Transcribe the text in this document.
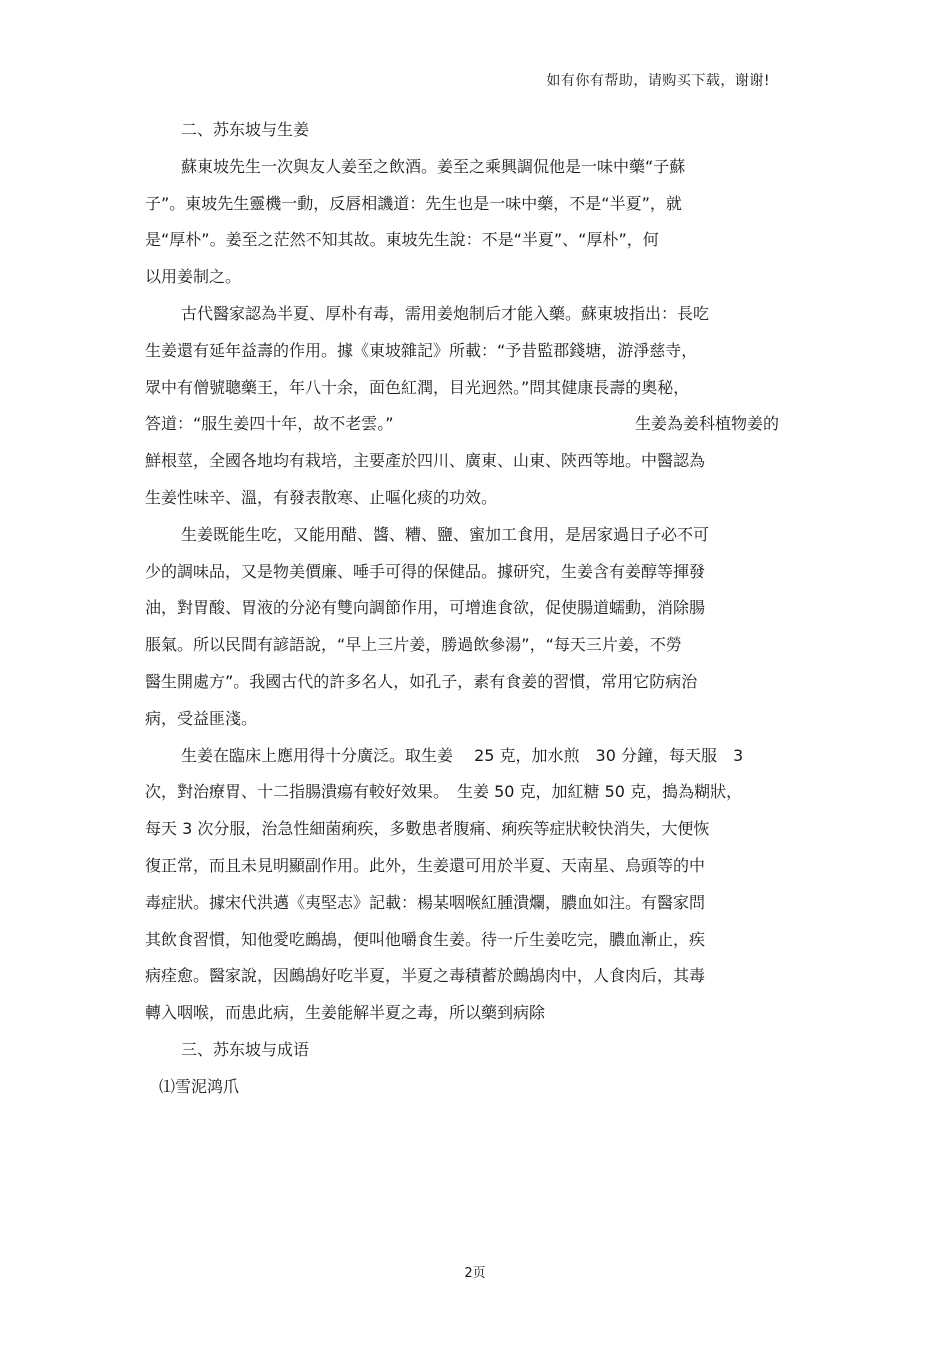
如有你有帮助，请购买下载，谢谢!
二、苏东坡与生姜
蘇東坡先生一次與友人姜至之飲酒。姜至之乘興調侃他是一味中藥“子蘇
子”。東坡先生靈機一動，反唇相譏道：先生也是一味中藥，不是“半夏”，就
是“厚朴”。姜至之茫然不知其故。東坡先生說：不是“半夏”、“厚朴”，何
以用姜制之。
古代醫家認為半夏、厚朴有毒，需用姜炮制后才能入藥。蘇東坡指出：長吃
生姜還有延年益壽的作用。據《東坡雜記》所載：“予昔監郡錢塘，游淨慈寺，
眾中有僧號聰藥王，年八十余，面色紅潤，目光迥然。”問其健康長壽的奧秘，
答道：“服生姜四十年，故不老雲。”	生姜為姜科植物姜的
鮮根莖，全國各地均有栽培，主要產於四川、廣東、山東、陝西等地。中醫認為
生姜性味辛、溫，有發表散寒、止嘔化痰的功效。
生姜既能生吃，又能用醋、醬、糟、鹽、蜜加工食用，是居家過日子必不可
少的調味品，又是物美價廉、唾手可得的保健品。據研究，生姜含有姜醇等揮發
油，對胃酸、胃液的分泌有雙向調節作用，可增進食欲，促使腸道蠕動，消除腸
脹氣。所以民間有諺語說，“早上三片姜，勝過飲參湯”，“每天三片姜，不勞
醫生開處方”。我國古代的許多名人，如孔子，素有食姜的習慣，常用它防病治
病，受益匪淺。
生姜在臨床上應用得十分廣泛。取生姜　 25 克，加水煎　30 分鐘，每天服　3
次，對治療胃、十二指腸潰瘍有較好效果。　生姜 50 克，加紅糖 50 克，搗為糊狀，
每天 3 次分服，治急性細菌痢疾，多數患者腹痛、痢疾等症狀較快消失，大便恢
復正常，而且未見明顯副作用。此外，生姜還可用於半夏、天南星、烏頭等的中
毒症狀。據宋代洪邁《夷堅志》記載：楊某咽喉紅腫潰爛，膿血如注。有醫家問
其飲食習慣，知他愛吃鷓鴣，便叫他嚼食生姜。待一斤生姜吃完，膿血漸止，疾
病痊愈。醫家說，因鷓鴣好吃半夏，半夏之毒積蓄於鷓鴣肉中，人食肉后，其毒
轉入咽喉，而患此病，生姜能解半夏之毒，所以藥到病除
三、苏东坡与成语
⑴雪泥鸿爪
2页
